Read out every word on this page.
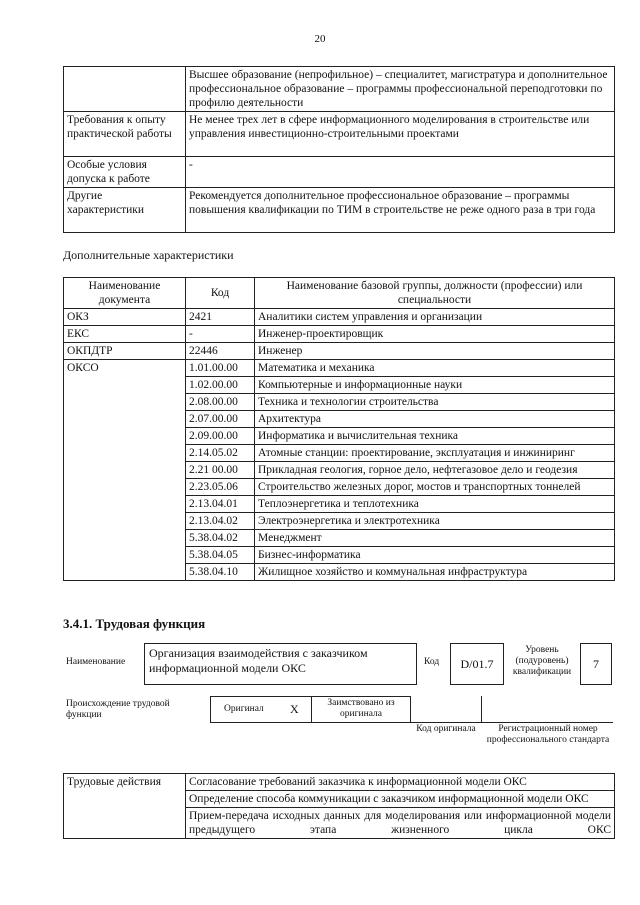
20
	Высшее образование (непрофильное) – специалитет, магистратура и дополнительное профессиональное образование – программы профессиональной переподготовки по профилю деятельности
Требования к опыту практической работы	Не менее трех лет в сфере информационного моделирования в строительстве или управления инвестиционно-строительными проектами
Особые условия допуска к работе	-
Другие характеристики	Рекомендуется дополнительное профессиональное образование – программы повышения квалификации по ТИМ в строительстве не реже одного раза в три года
Дополнительные характеристики
Наименование документа	Код	Наименование базовой группы, должности (профессии) или специальности
ОКЗ	2421	Аналитики систем управления и организации
ЕКС	-	Инженер-проектировщик
ОКПДТР	22446	Инженер
ОКСО	1.01.00.00	Математика и механика
	1.02.00.00	Компьютерные и информационные науки
	2.08.00.00	Техника и технологии строительства
	2.07.00.00	Архитектура
	2.09.00.00	Информатика и вычислительная техника
	2.14.05.02	Атомные станции: проектирование, эксплуатация и инжиниринг
	2.21 00.00	Прикладная геология, горное дело, нефтегазовое дело и геодезия
	2.23.05.06	Строительство железных дорог, мостов и транспортных тоннелей
	2.13.04.01	Теплоэнергетика и теплотехника
	2.13.04.02	Электроэнергетика и электротехника
	5.38.04.02	Менеджмент
	5.38.04.05	Бизнес-информатика
	5.38.04.10	Жилищное хозяйство и коммунальная инфраструктура
3.4.1. Трудовая функция
Наименование
Организация взаимодействия с заказчиком информационной модели ОКС	Код	D/01.7
Уровень (подуровень) квалификации
7
Происхождение трудовой функции
Оригинал X	Заимствовано из оригинала
Код оригинала	Регистрационный номер профессионального стандарта
Трудовые действия	Согласование требований заказчика к информационной модели ОКС
Определение способа коммуникации с заказчиком информационной модели ОКС
Прием-передача исходных данных для моделирования или информационной модели предыдущего этапа жизненного цикла ОКС
